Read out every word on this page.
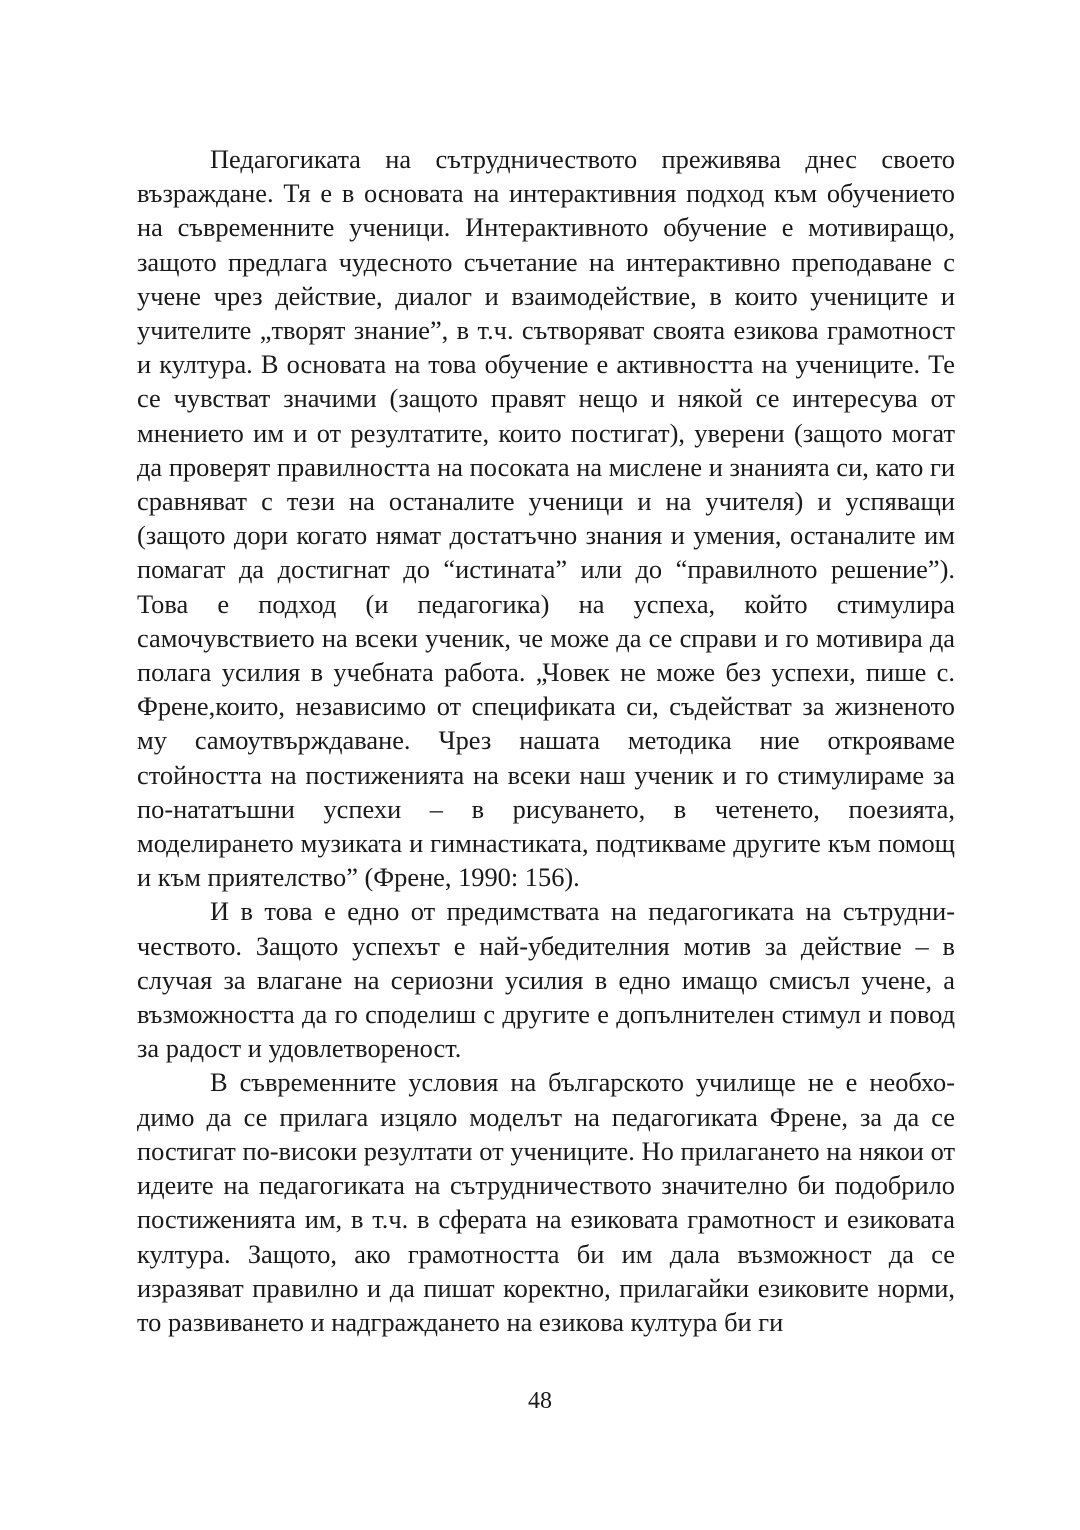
Педагогиката на сътрудничеството преживява днес своето възраждане. Тя е в основата на интерактивния подход към обучението на съвременните ученици. Интерактивното обучение е мотивиращо, защото предлага чудесното съчетание на интерактивно преподаване с учене чрез действие, диалог и взаимодействие, в които учениците и учителите „творят знание”, в т.ч. сътворяват своята езикова грамотност и култура. В основата на това обучение е активността на учениците. Те се чувстват значими (защото правят нещо и някой се интересува от мнението им и от резултатите, които постигат), уверени (защото могат да проверят правилността на посоката на мислене и знанията си, като ги сравняват с тези на останалите ученици и на учителя) и успяващи (защото дори когато нямат достатъчно знания и умения, останалите им помагат да достигнат до “истината” или до “правилното решение”). Това е подход (и педагогика) на успеха, който стимулира самочувствието на всеки ученик, че може да се справи и го мотивира да полага усилия в учебната работа. „Човек не може без успехи, пише с. Френе,които, независимо от спецификата си, съдействат за жизненото му самоутвърждаване. Чрез нашата методика ние открояваме стойността на постиженията на всеки наш ученик и го стимулираме за по-нататъшни успехи – в рисуването, в четенето, поезията, моделирането музиката и гимнастиката, подтикваме другите към помощ и към приятелство” (Френе, 1990: 156).

И в това е едно от предимствата на педагогиката на сътрудничеството. Защото успехът е най-убедителния мотив за действие – в случая за влагане на сериозни усилия в едно имащо смисъл учене, а възможността да го споделиш с другите е допълнителен стимул и повод за радост и удовлетвореност.

В съвременните условия на българското училище не е необходимо да се прилага изцяло моделът на педагогиката Френе, за да се постигат по-високи резултати от учениците. Но прилагането на някои от идеите на педагогиката на сътрудничеството значително би подобрило постиженията им, в т.ч. в сферата на езиковата грамотност и езиковата култура. Защото, ако грамотността би им дала възможност да се изразяват правилно и да пишат коректно, прилагайки езиковите норми, то развиването и надграждането на езикова култура би ги

48
